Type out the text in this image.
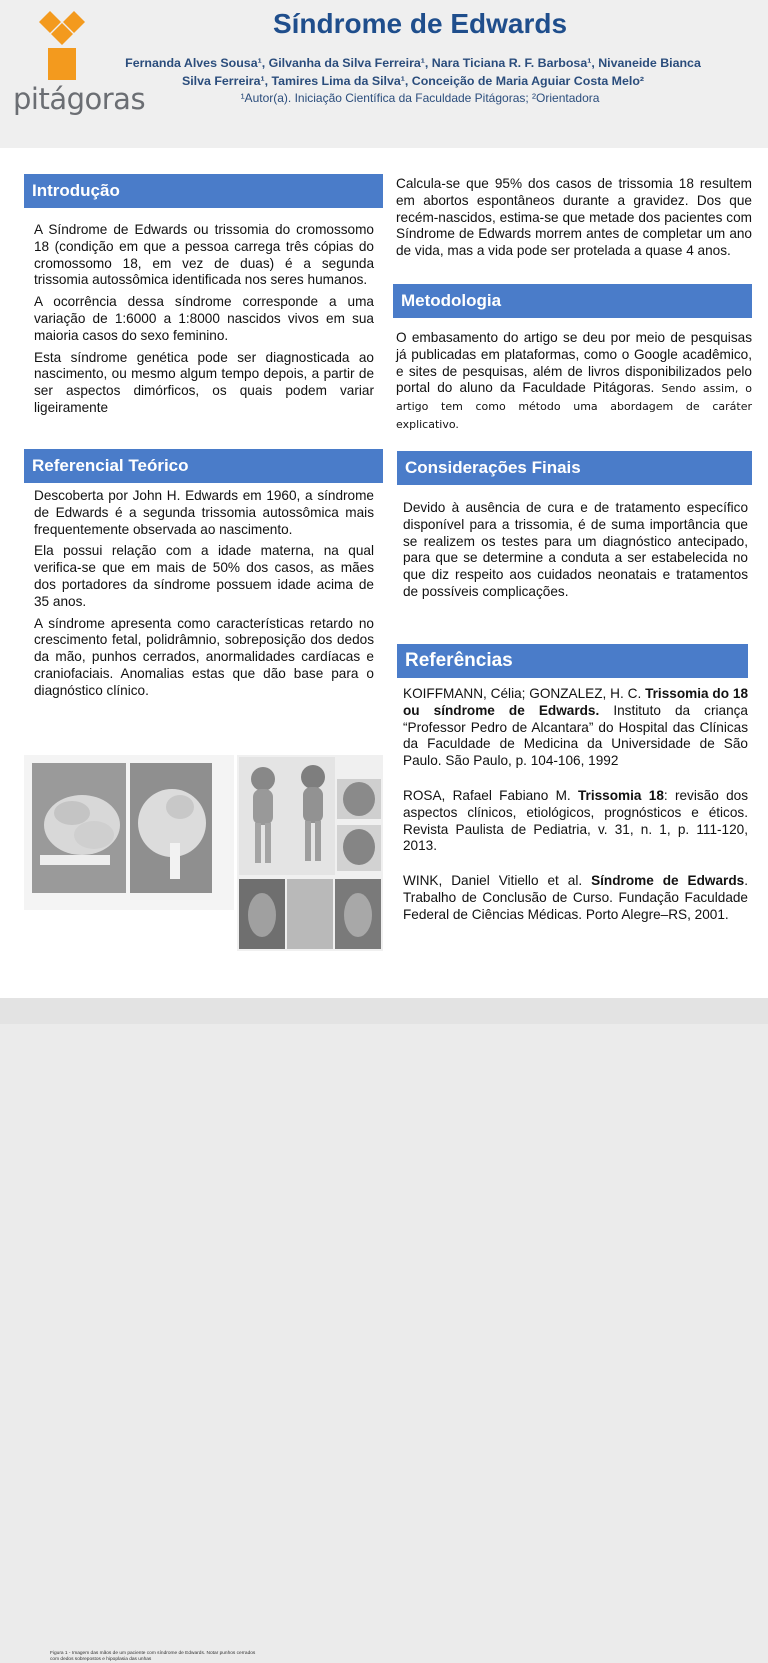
pitágoras
Síndrome de Edwards
Fernanda Alves Sousa¹, Gilvanha da Silva Ferreira¹, Nara Ticiana R. F. Barbosa¹, Nivaneide Bianca
Silva Ferreira¹, Tamires Lima da Silva¹, Conceição de Maria Aguiar Costa Melo²
¹Autor(a). Iniciação Científica da Faculdade Pitágoras; ²Orientadora
Introdução

A Síndrome de Edwards ou trissomia do cromossomo 18 (condição em que a pessoa carrega três cópias do cromossomo 18, em vez de duas) é a segunda trissomia autossômica identificada nos seres humanos.

A ocorrência dessa síndrome corresponde a uma variação de 1:6000 a 1:8000 nascidos vivos em sua maioria casos do sexo feminino.

Esta síndrome genética pode ser diagnosticada ao nascimento, ou mesmo algum tempo depois, a partir de ser aspectos dimórficos, os quais podem variar ligeiramente

Referencial Teórico

Descoberta por John H. Edwards em 1960, a síndrome de Edwards é a segunda trissomia autossômica mais frequentemente observada ao nascimento.

Ela possui relação com a idade materna, na qual verifica-se que em mais de 50% dos casos, as mães dos portadores da síndrome possuem idade acima de 35 anos.

A síndrome apresenta como características retardo no crescimento fetal, polidrâmnio, sobreposição dos dedos da mão, punhos cerrados, anormalidades cardíacas e craniofaciais. Anomalias estas que dão base para o diagnóstico clínico.

Figura 1 - Imagem das mãos de um paciente com síndrome de Edwards. Notar punhos cerrados com dedos sobrepostos e hipoplasia das unhas

Calcula-se que 95% dos casos de trissomia 18 resultem em abortos espontâneos durante a gravidez. Dos que recém-nascidos, estima-se que metade dos pacientes com Síndrome de Edwards morrem antes de completar um ano de vida, mas a vida pode ser protelada a quase 4 anos.

Metodologia

O embasamento do artigo se deu por meio de pesquisas já publicadas em plataformas, como o Google acadêmico, e sites de pesquisas, além de livros disponibilizados pelo portal do aluno da Faculdade Pitágoras. Sendo assim, o artigo tem como método uma abordagem de caráter explicativo.

Considerações Finais

Devido à ausência de cura e de tratamento específico disponível para a trissomia, é de suma importância que se realizem os testes para um diagnóstico antecipado, para que se determine a conduta a ser estabelecida no que diz respeito aos cuidados neonatais e tratamentos de possíveis complicações.

Referências

KOIFFMANN, Célia; GONZALEZ, H. C. Trissomia do 18 ou síndrome de Edwards. Instituto da criança “Professor Pedro de Alcantara” do Hospital das Clínicas da Faculdade de Medicina da Universidade de São Paulo. São Paulo, p. 104-106, 1992

ROSA, Rafael Fabiano M. Trissomia 18: revisão dos aspectos clínicos, etiológicos, prognósticos e éticos. Revista Paulista de Pediatria, v. 31, n. 1, p. 111-120, 2013.

WINK, Daniel Vitiello et al. Síndrome de Edwards. Trabalho de Conclusão de Curso. Fundação Faculdade Federal de Ciências Médicas. Porto Alegre–RS, 2001.
